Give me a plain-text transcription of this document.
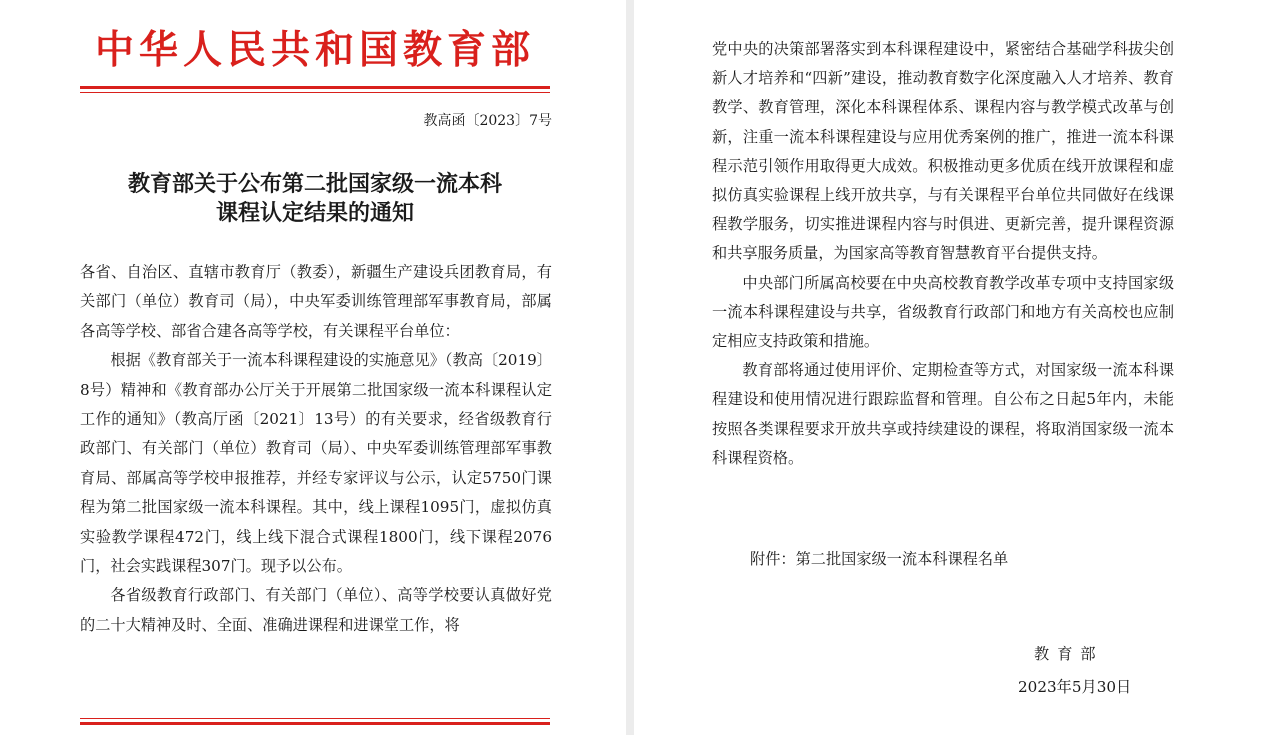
中华人民共和国教育部
教高函〔2023〕7号
教育部关于公布第二批国家级一流本科
课程认定结果的通知

各省、自治区、直辖市教育厅（教委），新疆生产建设兵团教育局，有关部门（单位）教育司（局），中央军委训练管理部军事教育局，部属各高等学校、部省合建各高等学校，有关课程平台单位：

根据《教育部关于一流本科课程建设的实施意见》（教高〔2019〕8号）精神和《教育部办公厅关于开展第二批国家级一流本科课程认定工作的通知》（教高厅函〔2021〕13号）的有关要求，经省级教育行政部门、有关部门（单位）教育司（局）、中央军委训练管理部军事教育局、部属高等学校申报推荐，并经专家评议与公示，认定5750门课程为第二批国家级一流本科课程。其中，线上课程1095门，虚拟仿真实验教学课程472门，线上线下混合式课程1800门，线下课程2076门，社会实践课程307门。现予以公布。

各省级教育行政部门、有关部门（单位）、高等学校要认真做好党的二十大精神及时、全面、准确进课程和进课堂工作，将

党中央的决策部署落实到本科课程建设中，紧密结合基础学科拔尖创新人才培养和“四新”建设，推动教育数字化深度融入人才培养、教育教学、教育管理，深化本科课程体系、课程内容与教学模式改革与创新，注重一流本科课程建设与应用优秀案例的推广，推进一流本科课程示范引领作用取得更大成效。积极推动更多优质在线开放课程和虚拟仿真实验课程上线开放共享，与有关课程平台单位共同做好在线课程教学服务，切实推进课程内容与时俱进、更新完善，提升课程资源和共享服务质量，为国家高等教育智慧教育平台提供支持。

中央部门所属高校要在中央高校教育教学改革专项中支持国家级一流本科课程建设与共享，省级教育行政部门和地方有关高校也应制定相应支持政策和措施。

教育部将通过使用评价、定期检查等方式，对国家级一流本科课程建设和使用情况进行跟踪监督和管理。自公布之日起5年内，未能按照各类课程要求开放共享或持续建设的课程，将取消国家级一流本科课程资格。

附件：第二批国家级一流本科课程名单
教育部
2023年5月30日
